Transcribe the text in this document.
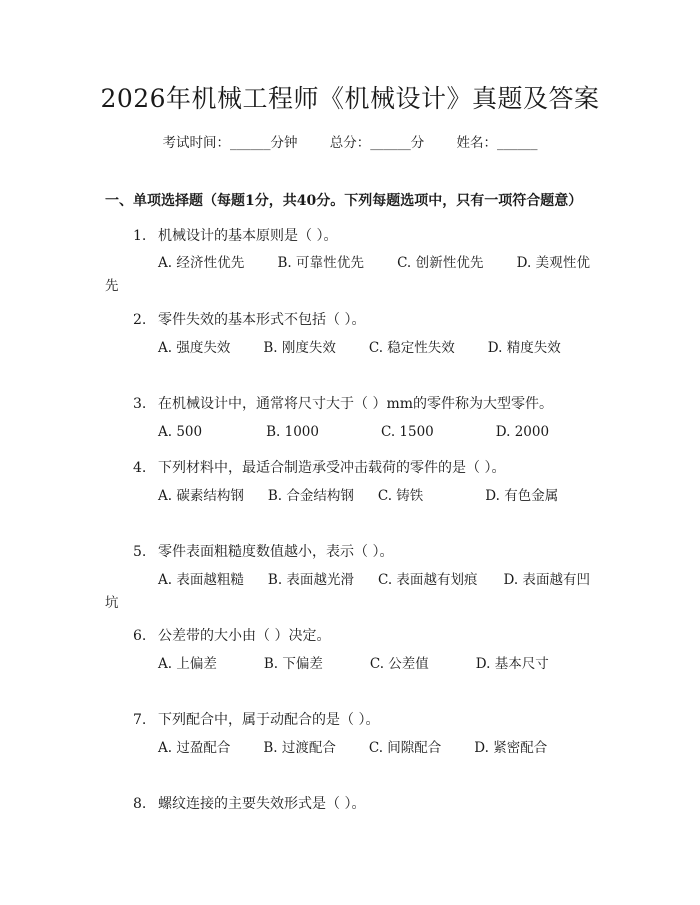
2026年机械工程师《机械设计》真题及答案
考试时间：______分钟 总分：______分 姓名：______
一、单项选择题（每题1分，共40分。下列每题选项中，只有一项符合题意）
1. 机械设计的基本原则是（ ）。
A. 经济性优先 B. 可靠性优先 C. 创新性优先 D. 美观性优先
2. 零件失效的基本形式不包括（ ）。
A. 强度失效 B. 刚度失效 C. 稳定性失效 D. 精度失效
3. 在机械设计中，通常将尺寸大于（ ）mm的零件称为大型零件。
A. 500	B. 1000	C. 1500	D. 2000
4. 下列材料中，最适合制造承受冲击载荷的零件的是（ ）。
A. 碳素结构钢 B. 合金结构钢 C. 铸铁	D. 有色金属
5. 零件表面粗糙度数值越小，表示（ ）。
A. 表面越粗糙 B. 表面越光滑 C. 表面越有划痕 D. 表面越有凹坑
6. 公差带的大小由（ ）决定。
A. 上偏差	B. 下偏差	C. 公差值	D. 基本尺寸
7. 下列配合中，属于动配合的是（ ）。
A. 过盈配合 B. 过渡配合 C. 间隙配合 D. 紧密配合
8. 螺纹连接的主要失效形式是（ ）。
